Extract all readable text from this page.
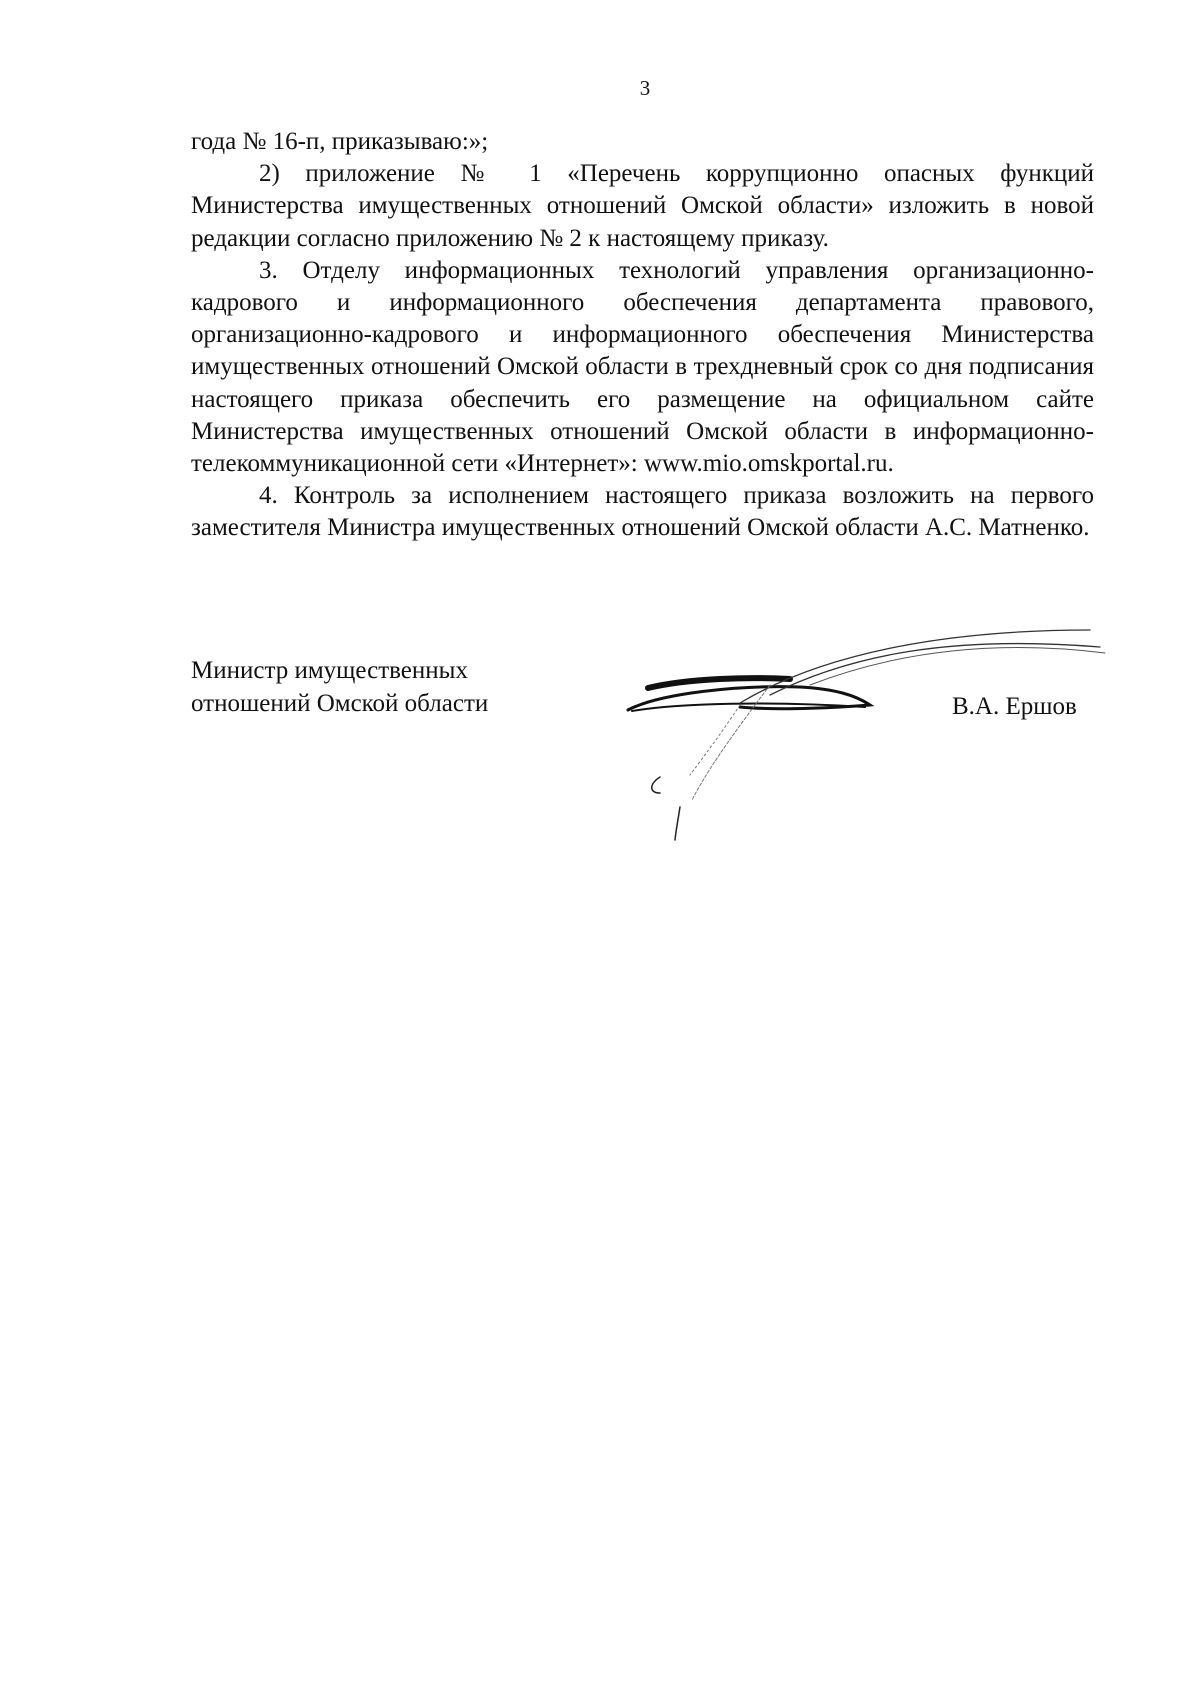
3

года № 16-п, приказываю:»;

2) приложение № 1 «Перечень коррупционно опасных функций Министерства имущественных отношений Омской области» изложить в новой редакции согласно приложению № 2 к настоящему приказу.

3. Отделу информационных технологий управления организационно-кадрового и информационного обеспечения департамента правового, организационно-кадрового и информационного обеспечения Министерства имущественных отношений Омской области в трехдневный срок со дня подписания настоящего приказа обеспечить его размещение на официальном сайте Министерства имущественных отношений Омской области в информационно-телекоммуникационной сети «Интернет»: www.mio.omskportal.ru.

4. Контроль за исполнением настоящего приказа возложить на первого заместителя Министра имущественных отношений Омской области А.С. Матненко.

Министр имущественных
отношений Омской области	В.А. Ершов
